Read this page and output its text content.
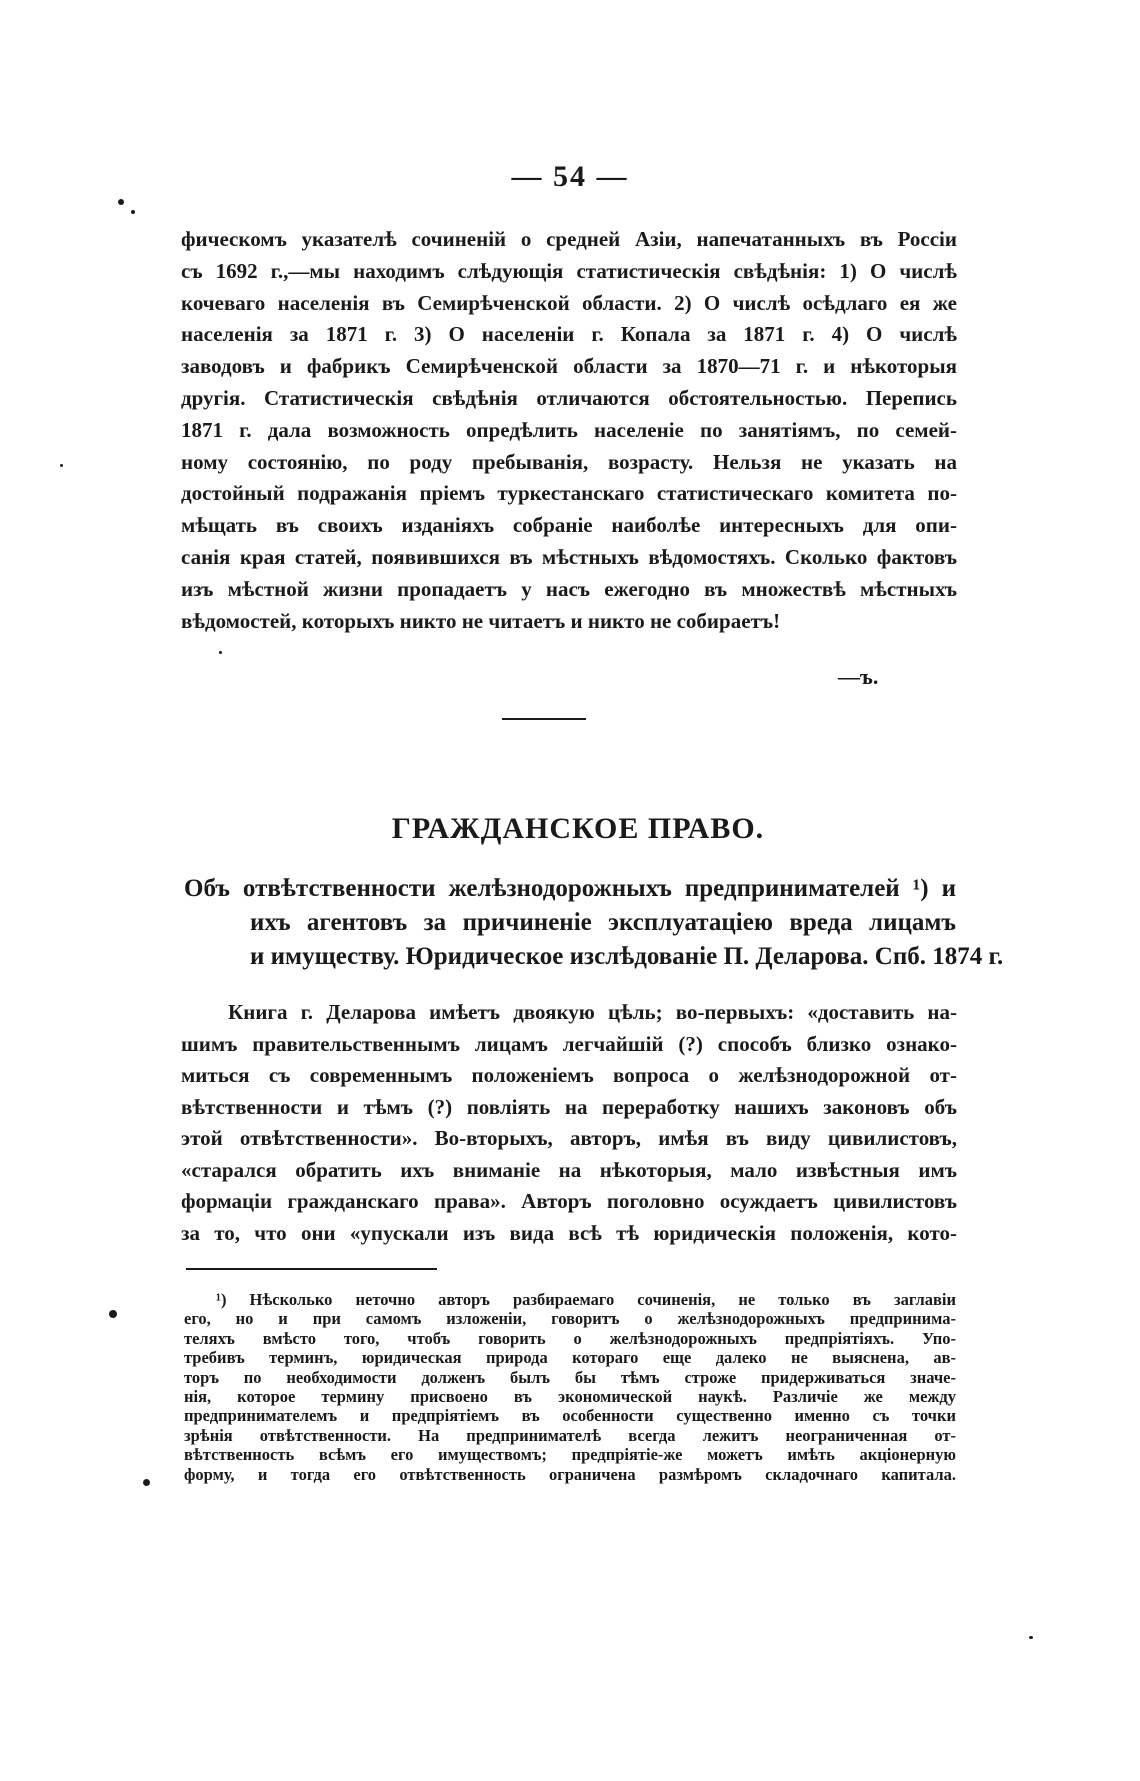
— 54 —
фическомъ указателѣ сочиненій о средней Азіи, напечатанныхъ въ Россіи
съ 1692 г.,—мы находимъ слѣдующія статистическія свѣдѣнія: 1) О числѣ
кочеваго населенія въ Семирѣченской области. 2) О числѣ осѣдлаго ея же
населенія за 1871 г. 3) О населеніи г. Копала за 1871 г. 4) О числѣ
заводовъ и фабрикъ Семирѣченской области за 1870—71 г. и нѣкоторыя
другія. Статистическія свѣдѣнія отличаются обстоятельностью. Перепись
1871 г. дала возможность опредѣлить населеніе по занятіямъ, по семей-
ному состоянію, по роду пребыванія, возрасту. Нельзя не указать на
достойный подражанія пріемъ туркестанскаго статистическаго комитета по-
мѣщать въ своихъ изданіяхъ собраніе наиболѣе интересныхъ для опи-
санія края статей, появившихся въ мѣстныхъ вѣдомостяхъ. Сколько фактовъ
изъ мѣстной жизни пропадаетъ у насъ ежегодно въ множествѣ мѣстныхъ
вѣдомостей, которыхъ никто не читаетъ и никто не собираетъ!
—ъ.
ГРАЖДАНСКОЕ ПРАВО.
Объ отвѣтственности желѣзнодорожныхъ предпринимателей ¹) и
ихъ агентовъ за причиненіе эксплуатаціею вреда лицамъ
и имуществу. Юридическое изслѣдованіе П. Деларова. Спб. 1874 г.
Книга г. Деларова имѣетъ двоякую цѣль; во-первыхъ: «доставить на-
шимъ правительственнымъ лицамъ легчайшій (?) способъ близко ознако-
миться съ современнымъ положеніемъ вопроса о желѣзнодорожной от-
вѣтственности и тѣмъ (?) повліять на переработку нашихъ законовъ объ
этой отвѣтственности». Во-вторыхъ, авторъ, имѣя въ виду цивилистовъ,
«старался обратить ихъ вниманіе на нѣкоторыя, мало извѣстныя имъ
формаціи гражданскаго права». Авторъ поголовно осуждаетъ цивилистовъ
за то, что они «упускали изъ вида всѣ тѣ юридическія положенія, кото-
¹) Нѣсколько неточно авторъ разбираемаго сочиненія, не только въ заглавіи
его, но и при самомъ изложеніи, говоритъ о желѣзнодорожныхъ предпринима-
теляхъ вмѣсто того, чтобъ говорить о желѣзнодорожныхъ предпріятіяхъ. Упо-
требивъ терминъ, юридическая природа котораго еще далеко не выяснена, ав-
торъ по необходимости долженъ былъ бы тѣмъ строже придерживаться значе-
нія, которое термину присвоено въ экономической наукѣ. Различіе же между
предпринимателемъ и предпріятіемъ въ особенности существенно именно съ точки
зрѣнія отвѣтственности. На предпринимателѣ всегда лежитъ неограниченная от-
вѣтственность всѣмъ его имуществомъ; предпріятіе-же можетъ имѣть акціонерную
форму, и тогда его отвѣтственность ограничена размѣромъ складочнаго капитала.
